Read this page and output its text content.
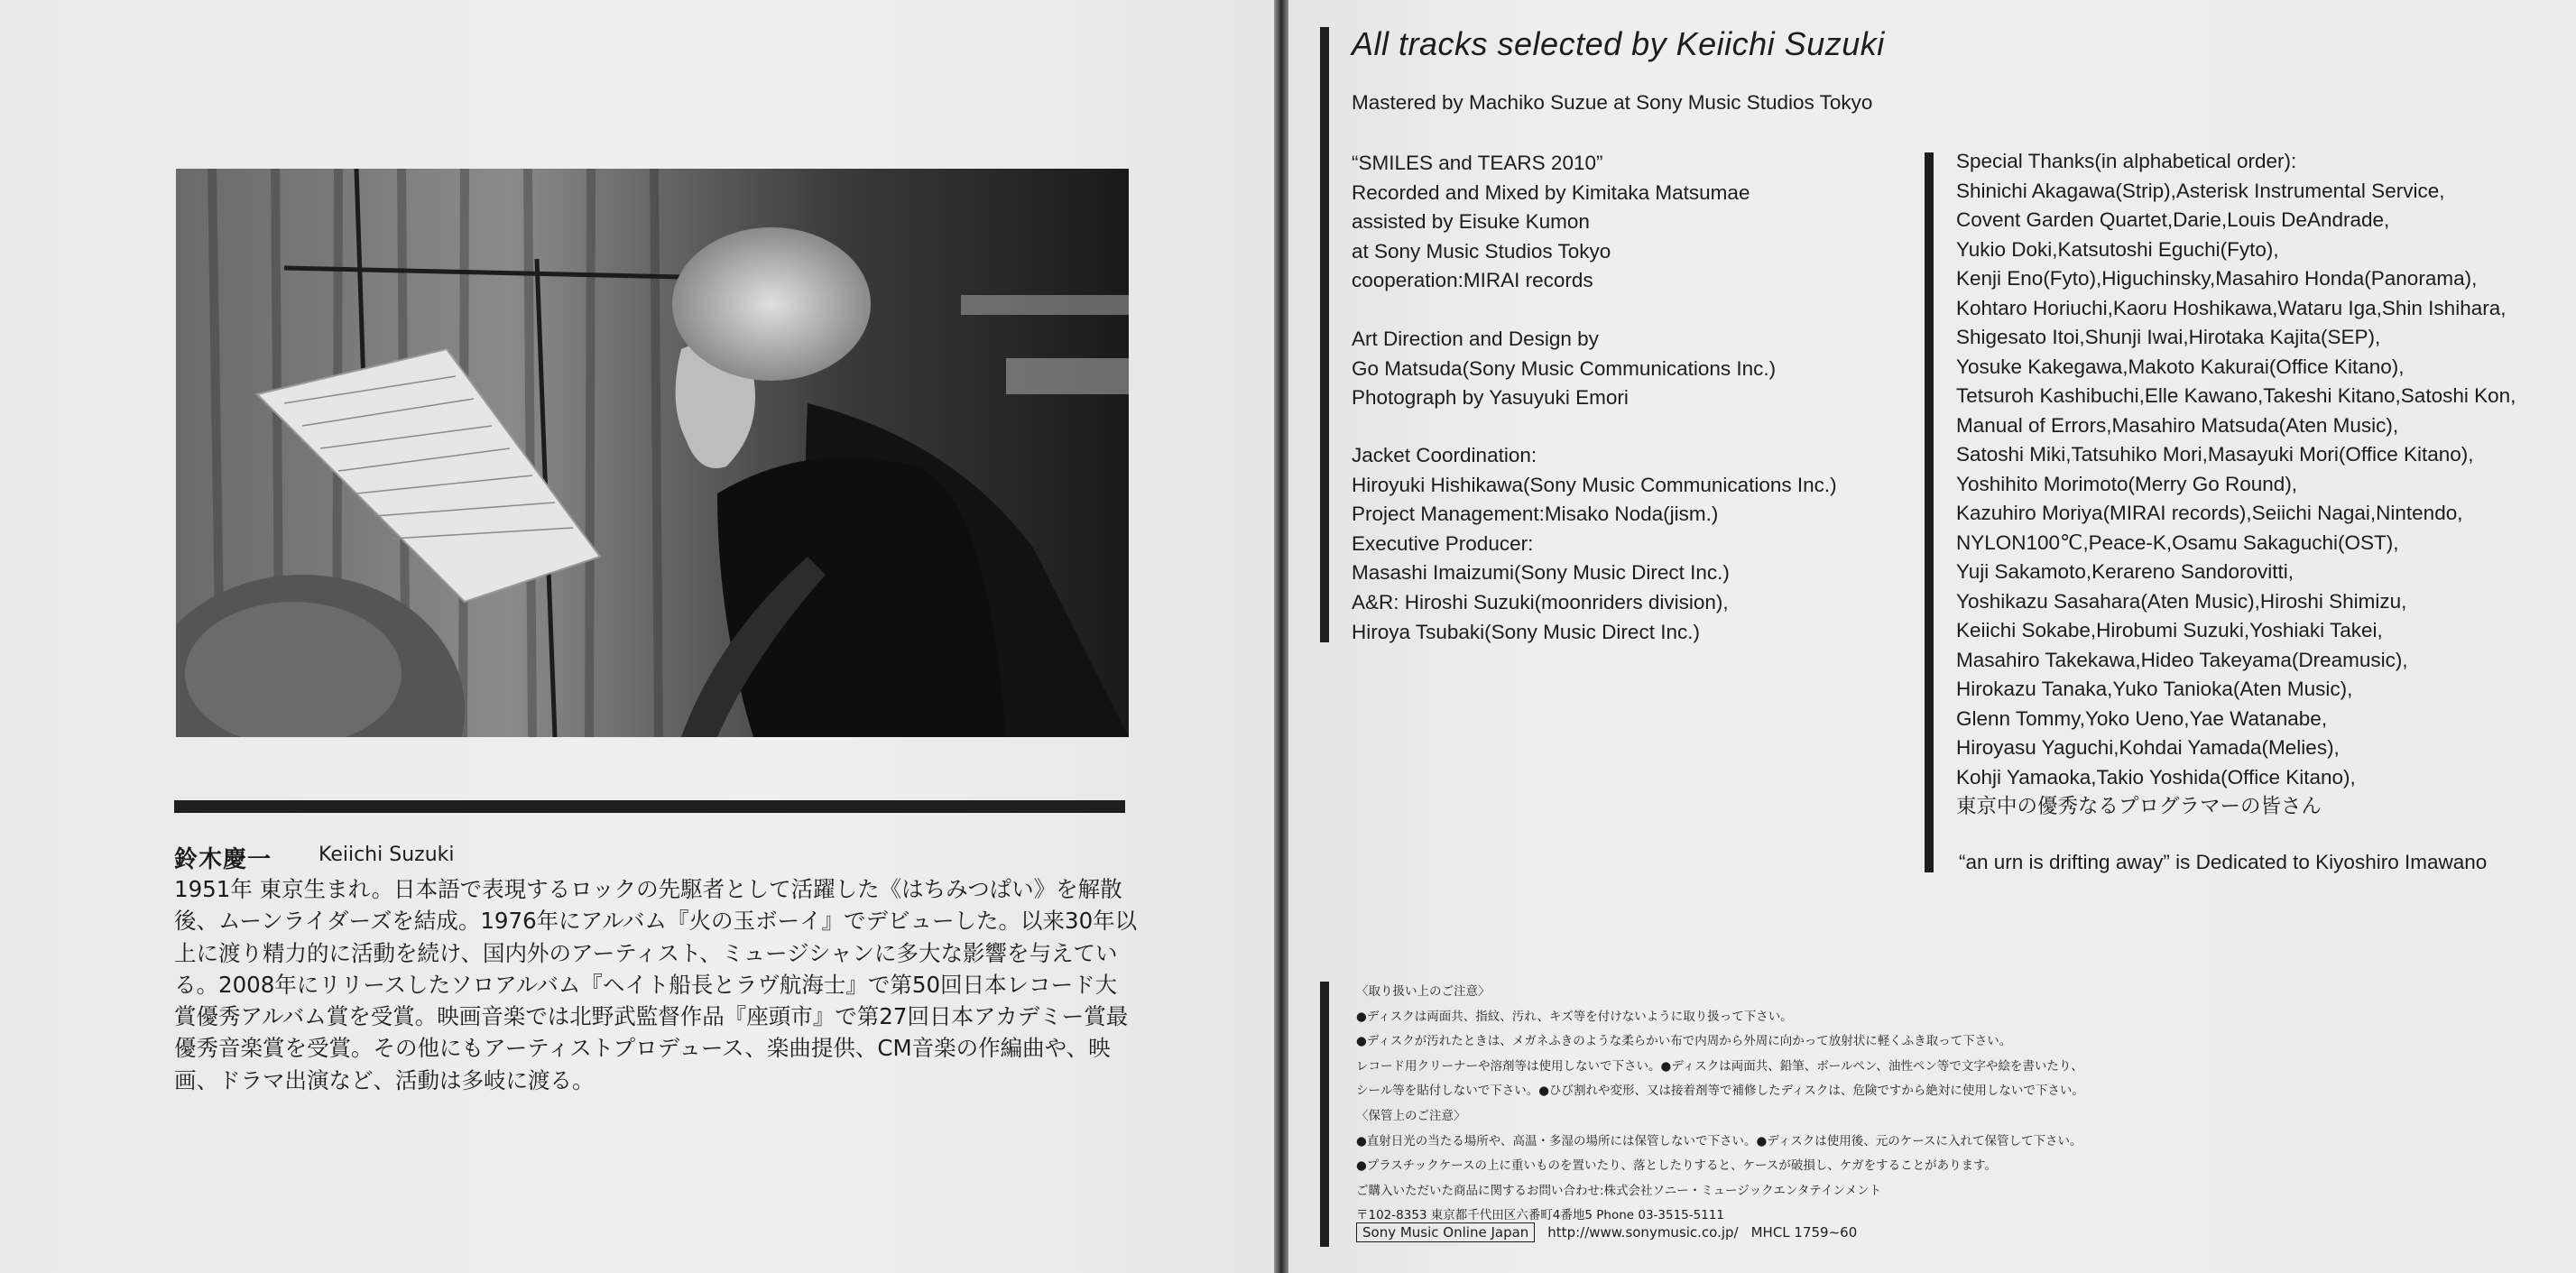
鈴木慶一 Keiichi Suzuki
1951年 東京生まれ。日本語で表現するロックの先駆者として活躍した《はちみつぱい》を解散
後、ムーンライダーズを結成。1976年にアルバム『火の玉ボーイ』でデビューした。以来30年以
上に渡り精力的に活動を続け、国内外のアーティスト、ミュージシャンに多大な影響を与えてい
る。2008年にリリースしたソロアルバム『ヘイト船長とラヴ航海士』で第50回日本レコード大
賞優秀アルバム賞を受賞。映画音楽では北野武監督作品『座頭市』で第27回日本アカデミー賞最
優秀音楽賞を受賞。その他にもアーティストプロデュース、楽曲提供、CM音楽の作編曲や、映
画、ドラマ出演など、活動は多岐に渡る。
All tracks selected by Keiichi Suzuki
Mastered by Machiko Suzue at Sony Music Studios Tokyo
“SMILES and TEARS 2010”
Recorded and Mixed by Kimitaka Matsumae
assisted by Eisuke Kumon
at Sony Music Studios Tokyo
cooperation:MIRAI records
Art Direction and Design by
Go Matsuda(Sony Music Communications Inc.)
Photograph by Yasuyuki Emori
Jacket Coordination:
Hiroyuki Hishikawa(Sony Music Communications Inc.)
Project Management:Misako Noda(jism.)
Executive Producer:
Masashi Imaizumi(Sony Music Direct Inc.)
A&R: Hiroshi Suzuki(moonriders division),
Hiroya Tsubaki(Sony Music Direct Inc.)
Special Thanks(in alphabetical order):
Shinichi Akagawa(Strip),Asterisk Instrumental Service,
Covent Garden Quartet,Darie,Louis DeAndrade,
Yukio Doki,Katsutoshi Eguchi(Fyto),
Kenji Eno(Fyto),Higuchinsky,Masahiro Honda(Panorama),
Kohtaro Horiuchi,Kaoru Hoshikawa,Wataru Iga,Shin Ishihara,
Shigesato Itoi,Shunji Iwai,Hirotaka Kajita(SEP),
Yosuke Kakegawa,Makoto Kakurai(Office Kitano),
Tetsuroh Kashibuchi,Elle Kawano,Takeshi Kitano,Satoshi Kon,
Manual of Errors,Masahiro Matsuda(Aten Music),
Satoshi Miki,Tatsuhiko Mori,Masayuki Mori(Office Kitano),
Yoshihito Morimoto(Merry Go Round),
Kazuhiro Moriya(MIRAI records),Seiichi Nagai,Nintendo,
NYLON100℃,Peace-K,Osamu Sakaguchi(OST),
Yuji Sakamoto,Kerareno Sandorovitti,
Yoshikazu Sasahara(Aten Music),Hiroshi Shimizu,
Keiichi Sokabe,Hirobumi Suzuki,Yoshiaki Takei,
Masahiro Takekawa,Hideo Takeyama(Dreamusic),
Hirokazu Tanaka,Yuko Tanioka(Aten Music),
Glenn Tommy,Yoko Ueno,Yae Watanabe,
Hiroyasu Yaguchi,Kohdai Yamada(Melies),
Kohji Yamaoka,Takio Yoshida(Office Kitano),
東京中の優秀なるプログラマーの皆さん
“an urn is drifting away” is Dedicated to Kiyoshiro Imawano
〈取り扱い上のご注意〉
●ディスクは両面共、指紋、汚れ、キズ等を付けないように取り扱って下さい。
●ディスクが汚れたときは、メガネふきのような柔らかい布で内周から外周に向かって放射状に軽くふき取って下さい。
レコード用クリーナーや溶剤等は使用しないで下さい。●ディスクは両面共、鉛筆、ボールペン、油性ペン等で文字や絵を書いたり、
シール等を貼付しないで下さい。●ひび割れや変形、又は接着剤等で補修したディスクは、危険ですから絶対に使用しないで下さい。
〈保管上のご注意〉
●直射日光の当たる場所や、高温・多湿の場所には保管しないで下さい。●ディスクは使用後、元のケースに入れて保管して下さい。
●プラスチックケースの上に重いものを置いたり、落としたりすると、ケースが破損し、ケガをすることがあります。
ご購入いただいた商品に関するお問い合わせ:株式会社ソニー・ミュージックエンタテインメント
〒102-8353 東京都千代田区六番町4番地5 Phone 03-3515-5111
Sony Music Online Japan	http://www.sonymusic.co.jp/ MHCL 1759~60
